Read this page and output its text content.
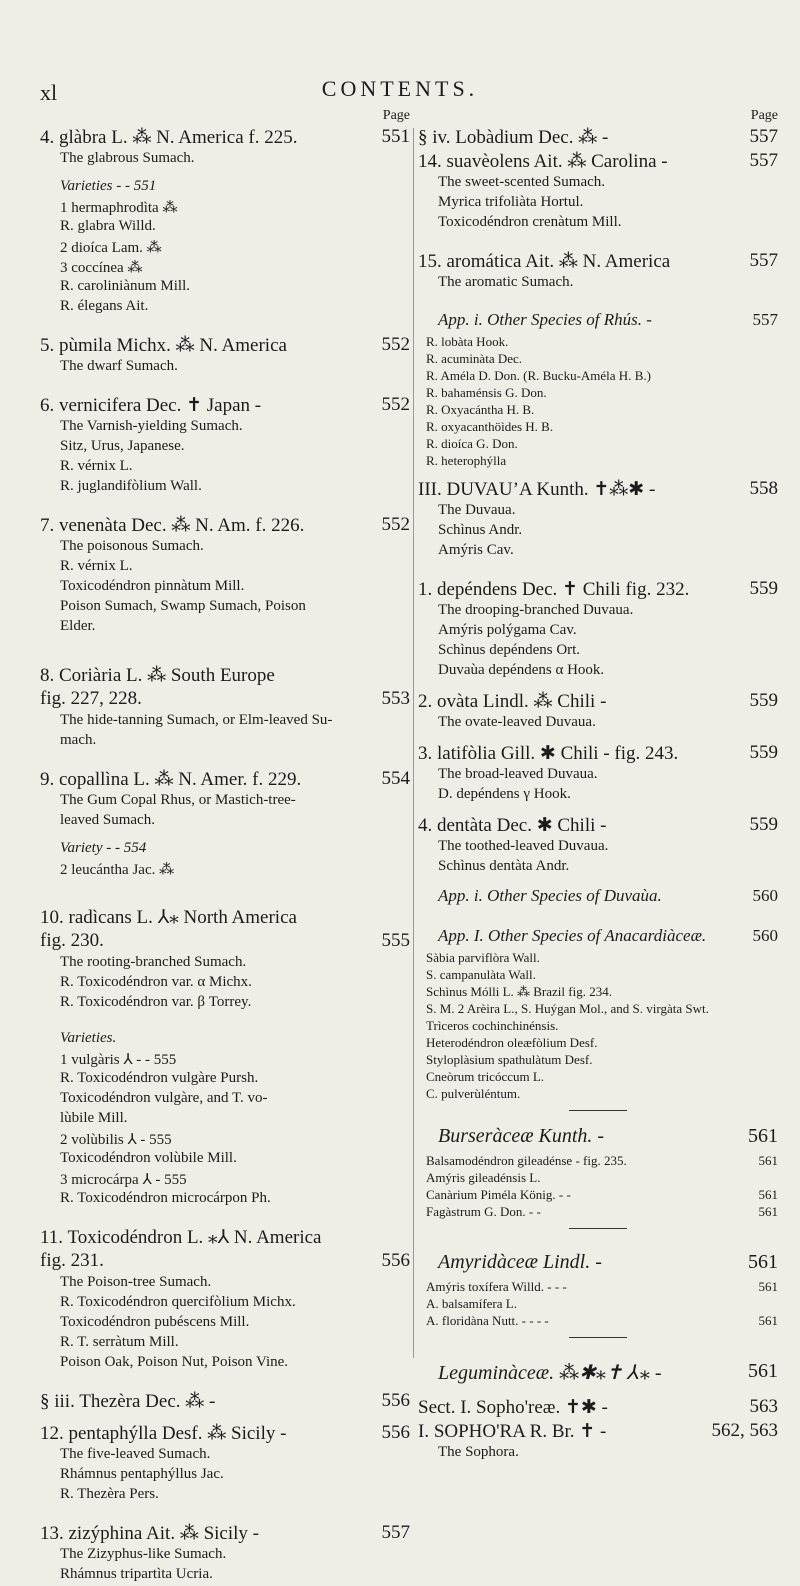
xl	CONTENTS.
Page
4. glàbra L. ⁂ N. America f. 225.	551
The glabrous Sumach.
Varieties - - 551
1 hermaphrodìta ⁂
R. glabra Willd.
2 dioíca Lam. ⁂
3 coccínea ⁂
R. caroliniànum Mill.
R. élegans Ait.
5. pùmila Michx. ⁂ N. America	552
The dwarf Sumach.
6. verniciferа Dec. ✝ Japan -	552
The Varnish-yielding Sumach.
Sitz, Urus, Japanese.
R. vérnix L.
R. juglandifòlium Wall.
7. venenàta Dec. ⁂ N. Am. f. 226.	552
The poisonous Sumach.
R. vérnix L.
Toxicodéndron pinnàtum Mill.
Poison Sumach, Swamp Sumach, Poison
Elder.
8. Coriària L. ⁂ South Europe
fig. 227, 228.	553
The hide-tanning Sumach, or Elm-leaved Su-
mach.
9. copallìna L. ⁂ N. Amer. f. 229.	554
The Gum Copal Rhus, or Mastich-tree-
leaved Sumach.
Variety - - 554
2 leucántha Jac. ⁂
10. radìcans L. ⅄⁎ North America
fig. 230.	555
The rooting-branched Sumach.
R. Toxicodéndron var. α Michx.
R. Toxicodéndron var. β Torrey.
Varieties.
1 vulgàris ⅄ - - 555
R. Toxicodéndron vulgàre Pursh.
Toxicodéndron vulgàre, and T. vo-
lùbile Mill.
2 volùbilis ⅄ - 555
Toxicodéndron volùbile Mill.
3 microcárpa ⅄ - 555
R. Toxicodéndron microcárpon Ph.
11. Toxicodéndron L. ⁎⅄ N. America
fig. 231.	556
The Poison-tree Sumach.
R. Toxicodéndron quercifòlium Michx.
Toxicodéndron pubéscens Mill.
R. T. serràtum Mill.
Poison Oak, Poison Nut, Poison Vine.
§ iii. Thezèra Dec. ⁂ -	556
12. pentaphýlla Desf. ⁂ Sicily -	556
The five-leaved Sumach.
Rhámnus pentaphýllus Jac.
R. Thezèra Pers.
13. zizýphina Ait. ⁂ Sicily -	557
The Zizyphus-like Sumach.
Rhámnus tripartìta Ucria.
Page
§ iv. Lobàdium Dec. ⁂ -	557
14. suavèolens Ait. ⁂ Carolina -	557
The sweet-scented Sumach.
Myrica trifoliàta Hortul.
Toxicodéndron crenàtum Mill.
15. aromática Ait. ⁂ N. America	557
The aromatic Sumach.
App. i. Other Species of Rhús. -	557
R. lobàta Hook.
R. acuminàta Dec.
R. Améla D. Don. (R. Bucku-Améla H. B.)
R. bahaménsis G. Don.
R. Oxyacántha H. B.
R. oxyacanthöìdes H. B.
R. dioíca G. Don.
R. heterophýlla
III. DUVAU’A Kunth. ✝⁂✱ -	558
The Duvaua.
Schìnus Andr.
Amýris Cav.
1. depéndens Dec. ✝ Chili fig. 232.	559
The drooping-branched Duvaua.
Amýris polýgama Cav.
Schìnus depéndens Ort.
Duvaùa depéndens α Hook.
2. ovàta Lindl. ⁂ Chili -	559
The ovate-leaved Duvaua.
3. latifòlia Gill. ✱ Chili - fig. 243.	559
The broad-leaved Duvaua.
D. depéndens γ Hook.
4. dentàta Dec. ✱ Chili -	559
The toothed-leaved Duvaua.
Schìnus dentàta Andr.
App. i. Other Species of Duvaùa.	560
App. I. Other Species of Anacardiàceæ.	560
Sàbia parviflòra Wall.
S. campanulàta Wall.
Schìnus Mólli L. ⁂ Brazil fig. 234.
S. M. 2 Arèira L., S. Huýgan Mol., and S. virgàta Swt.
Trìceros cochinchinénsis.
Heterodéndron oleæfòlium Desf.
Styloplàsium spathulàtum Desf.
Cneòrum tricóccum L.
C. pulverùléntum.
Burseràceæ Kunth. -	561
Balsamodéndron gileadénse - fig. 235.	561
Amýris gileadénsis L.
Canàrium Piméla König. - -	561
Fagàstrum G. Don. - -	561
Amyridàceæ Lindl. -	561
Amýris toxífera Willd. - - -	561
A. balsamífera L.
A. floridàna Nutt. - - - -	561
Leguminàceæ. ⁂✱⁎✝ ⅄⁎ -	561
Sect. I. Sopho'reæ. ✝✱ -	563
I. SOPHO'RA R. Br. ✝ -	562, 563
The Sophora.
